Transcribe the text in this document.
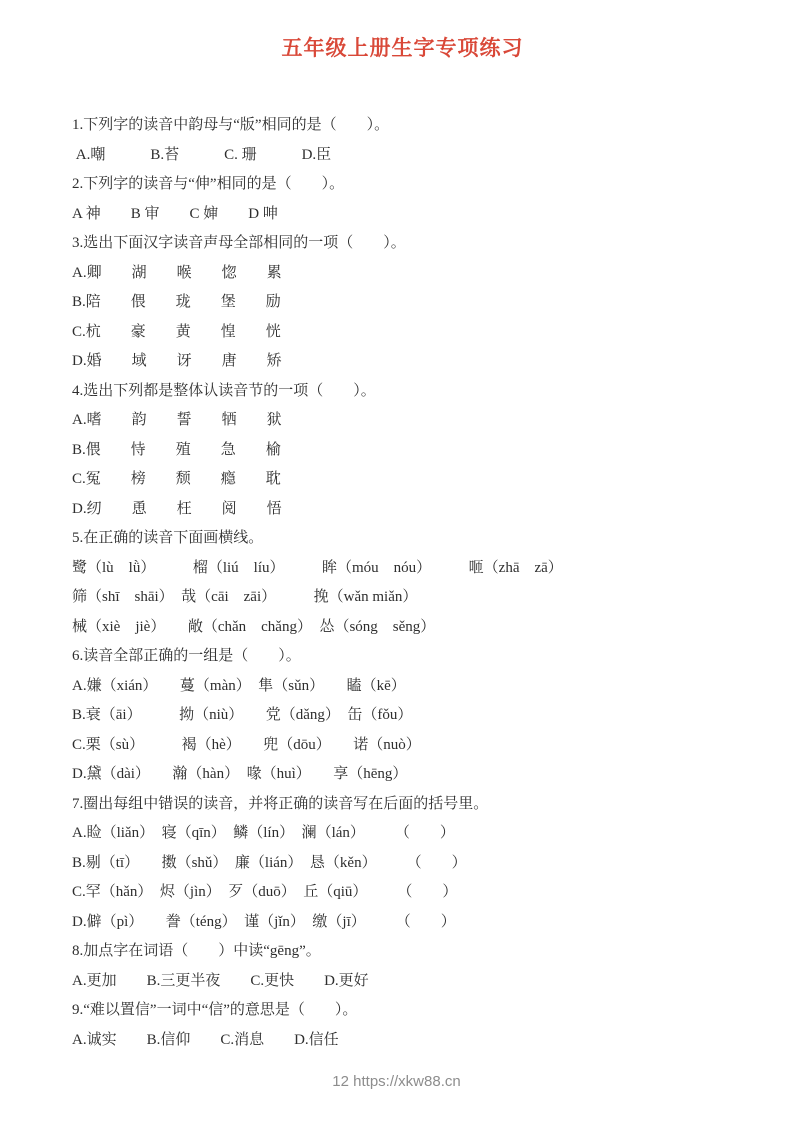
五年级上册生字专项练习
1.下列字的读音中韵母与“版”相同的是（　　）。
A.嘲　　　B.苔　　　C. 珊　　　D.臣
2.下列字的读音与“伸”相同的是（　　）。
A 神　　B 审　　C 婶　　D 呻
3.选出下面汉字读音声母全部相同的一项（　　）。
A.卿　　湖　　喉　　惚　　累
B.陪　　偎　　珑　　堡　　励
C.杭　　豪　　黄　　惶　　恍
D.婚　　域　　讶　　唐　　矫
4.选出下列都是整体认读音节的一项（　　）。
A.嗜　　韵　　誓　　牺　　狱
B.偎　　恃　　殖　　急　　榆
C.冤　　榜　　颓　　瘾　　耽
D.纫　　恿　　枉　　阅　　悟
5.在正确的读音下面画横线。
鹭（lù　lǜ）　　　榴（liú　líu）　　　眸（móu　nóu）　　　咂（zhā　zā）
筛（shī　shāi）　哉（cāi　zāi）　　　挽（wǎn miǎn）
械（xiè　jiè）　　敞（chǎn　chǎng）　怂（sóng　sěng）
6.读音全部正确的一组是（　　）。
A.嫌（xián）　　蔓（màn）　隼（sǔn）　　瞌（kē）
B.衰（āi）　　　拗（niù）　　党（dǎng）　缶（fǒu）
C.栗（sù）　　　褐（hè）　　兜（dōu）　　诺（nuò）
D.黛（dài）　　瀚（hàn）　喙（huì）　　享（hēng）
7.圈出每组中错误的读音，并将正确的读音写在后面的括号里。
A.睑（liǎn）　寝（qīn）　鳞（lín）　澜（lán）　　　（　　）
B.剔（tī）　　擞（shǔ）　廉（lián）　恳（kěn）　　　（　　）
C.罕（hǎn）　烬（jìn）　歹（duō）　丘（qiū）　　　（　　）
D.僻（pì）　　誊（téng）　谨（jǐn）　缴（jī）　　　（　　）
8.加点字在词语（　　）中读“gēng”。
A.更加　　B.三更半夜　　C.更快　　D.更好
9.“难以置信”一词中“信”的意思是（　　）。
A.诚实　　B.信仰　　C.消息　　D.信任
12 https://xkw88.cn
